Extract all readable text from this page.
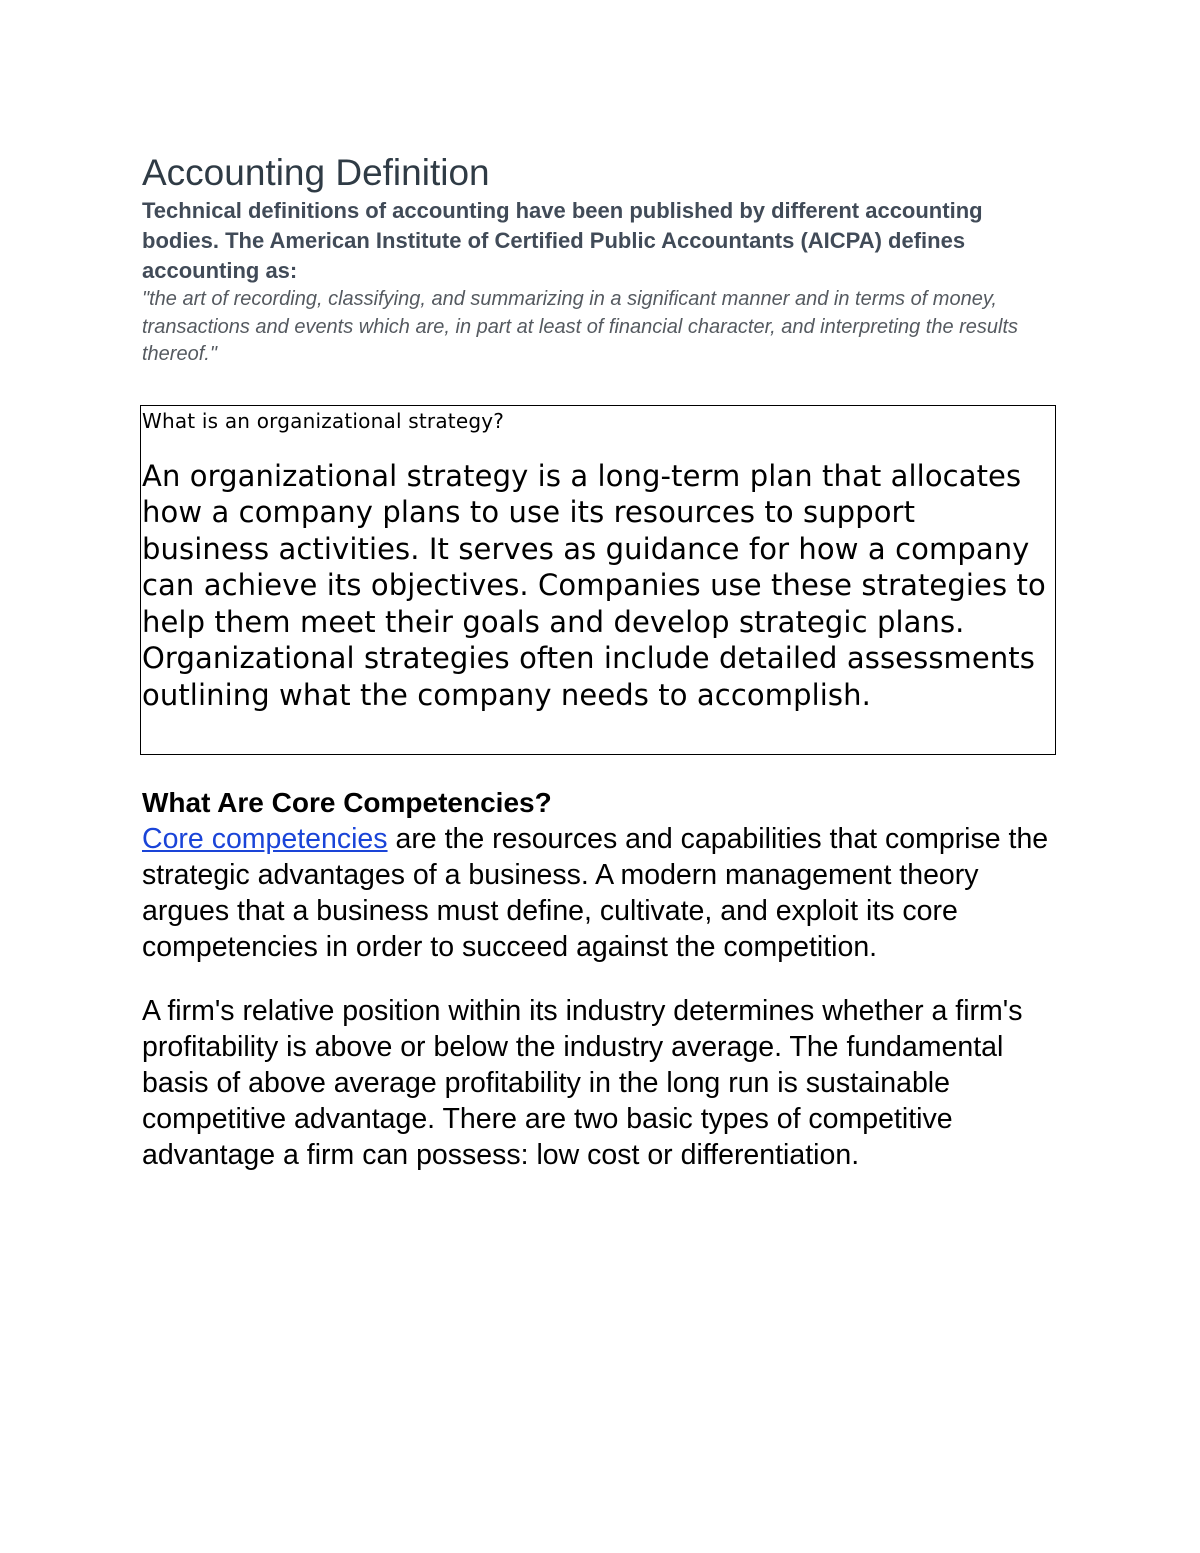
Accounting Definition

Technical definitions of accounting have been published by different accounting bodies. The American Institute of Certified Public Accountants (AICPA) defines accounting as:

"the art of recording, classifying, and summarizing in a significant manner and in terms of money, transactions and events which are, in part at least of financial character, and interpreting the results thereof."

What is an organizational strategy?

An organizational strategy is a long-term plan that allocates how a company plans to use its resources to support business activities. It serves as guidance for how a company can achieve its objectives. Companies use these strategies to help them meet their goals and develop strategic plans. Organizational strategies often include detailed assessments outlining what the company needs to accomplish.

What Are Core Competencies?

Core competencies are the resources and capabilities that comprise the strategic advantages of a business. A modern management theory argues that a business must define, cultivate, and exploit its core competencies in order to succeed against the competition.

A firm's relative position within its industry determines whether a firm's profitability is above or below the industry average. The fundamental basis of above average profitability in the long run is sustainable competitive advantage. There are two basic types of competitive advantage a firm can possess: low cost or differentiation.
